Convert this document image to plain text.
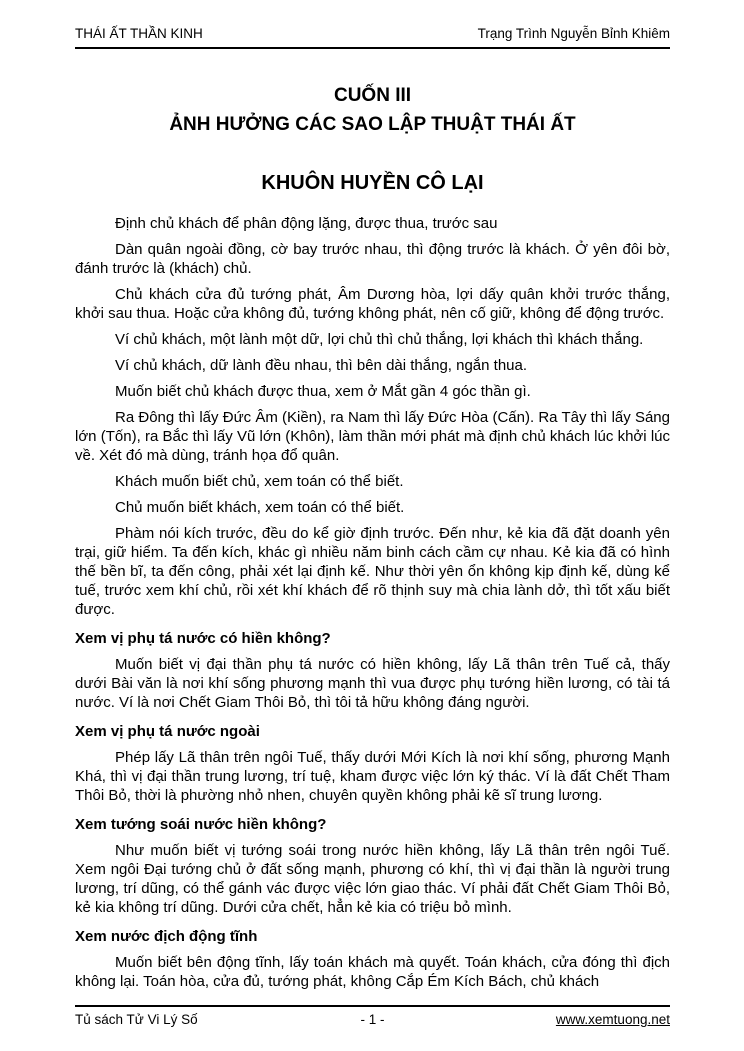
THÁI ẤT THẦN KINH	Trạng Trình Nguyễn Bỉnh Khiêm
CUỐN III
ẢNH HƯỞNG CÁC SAO LẬP THUẬT THÁI ẤT
KHUÔN HUYỀN CÔ LẠI

Định chủ khách để phân động lặng, được thua, trước sau

Dàn quân ngoài đồng, cờ bay trước nhau, thì động trước là khách. Ở yên đôi bờ, đánh trước là (khách) chủ.

Chủ khách cửa đủ tướng phát, Âm Dương hòa, lợi dấy quân khởi trước thắng, khởi sau thua. Hoặc cửa không đủ, tướng không phát, nên cố giữ, không để động trước.

Ví chủ khách, một lành một dữ, lợi chủ thì chủ thắng, lợi khách thì khách thắng.

Ví chủ khách, dữ lành đều nhau, thì bên dài thắng, ngắn thua.

Muốn biết chủ khách được thua, xem ở Mắt gần 4 góc thần gì.

Ra Đông thì lấy Đức Âm (Kiền), ra Nam thì lấy Đức Hòa (Cấn). Ra Tây thì lấy Sáng lớn (Tốn), ra Bắc thì lấy Vũ lớn (Khôn), làm thần mới phát mà định chủ khách lúc khởi lúc về. Xét đó mà dùng, tránh họa đổ quân.

Khách muốn biết chủ, xem toán có thể biết.

Chủ muốn biết khách, xem toán có thể biết.

Phàm nói kích trước, đều do kể giờ định trước. Đến như, kẻ kia đã đặt doanh yên trại, giữ hiểm. Ta đến kích, khác gì nhiều năm binh cách cầm cự nhau. Kẻ kia đã có hình thế bền bĩ, ta đến công, phải xét lại định kế. Như thời yên ổn không kịp định kế, dùng kể tuế, trước xem khí chủ, rồi xét khí khách để rõ thịnh suy mà chia lành dở, thì tốt xấu biết được.

Xem vị phụ tá nước có hiền không?

Muốn biết vị đại thần phụ tá nước có hiền không, lấy Lã thân trên Tuế cả, thấy dưới Bài văn là nơi khí sống phương mạnh thì vua được phụ tướng hiền lương, có tài tá nước. Ví là nơi Chết Giam Thôi Bỏ, thì tôi tả hữu không đáng người.

Xem vị phụ tá nước ngoài

Phép lấy Lã thân trên ngôi Tuế, thấy dưới Mới Kích là nơi khí sống, phương Mạnh Khá, thì vị đại thần trung lương, trí tuệ, kham được việc lớn ký thác. Ví là đất Chết Tham Thôi Bỏ, thời là phường nhỏ nhen, chuyên quyền không phải kẽ sĩ trung lương.

Xem tướng soái nước hiền không?

Như muốn biết vị tướng soái trong nước hiền không, lấy Lã thân trên ngôi Tuế. Xem ngôi Đại tướng chủ ở đất sống mạnh, phương có khí, thì vị đại thần là người trung lương, trí dũng, có thể gánh vác được việc lớn giao thác. Ví phải đất Chết Giam Thôi Bỏ, kẻ kia không trí dũng. Dưới cửa chết, hẳn kẻ kia có triệu bỏ mình.

Xem nước địch động tĩnh

Muốn biết bên động tĩnh, lấy toán khách mà quyết. Toán khách, cửa đóng thì địch không lại. Toán hòa, cửa đủ, tướng phát, không Cắp Ém Kích Bách, chủ khách

Tủ sách Tử Vi Lý Số	- 1 -	www.xemtuong.net
